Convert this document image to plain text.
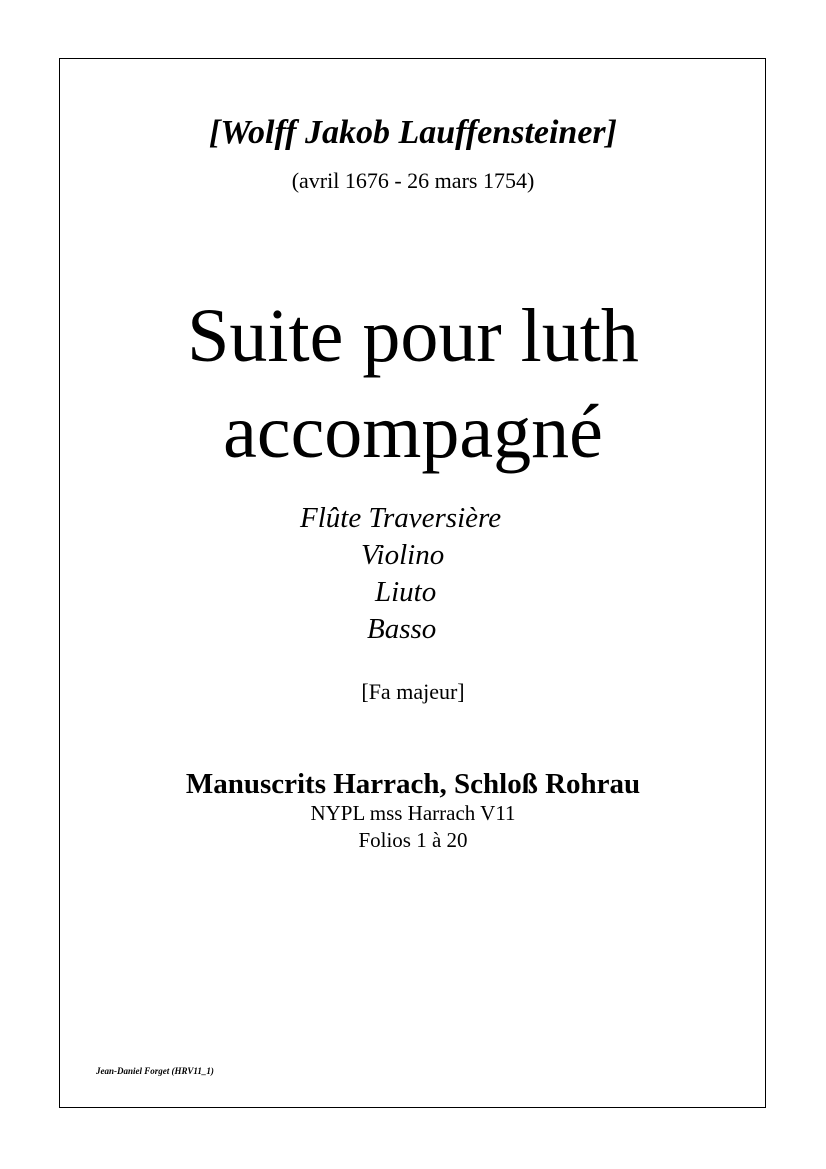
[Wolff Jakob Lauffensteiner]
(avril 1676 - 26 mars 1754)
Suite pour luth
accompagné
Flûte Traversière
Violino
Liuto
Basso
[Fa majeur]
Manuscrits Harrach, Schloß Rohrau
NYPL mss Harrach V11
Folios 1 à 20
Jean-Daniel Forget (HRV11_1)
